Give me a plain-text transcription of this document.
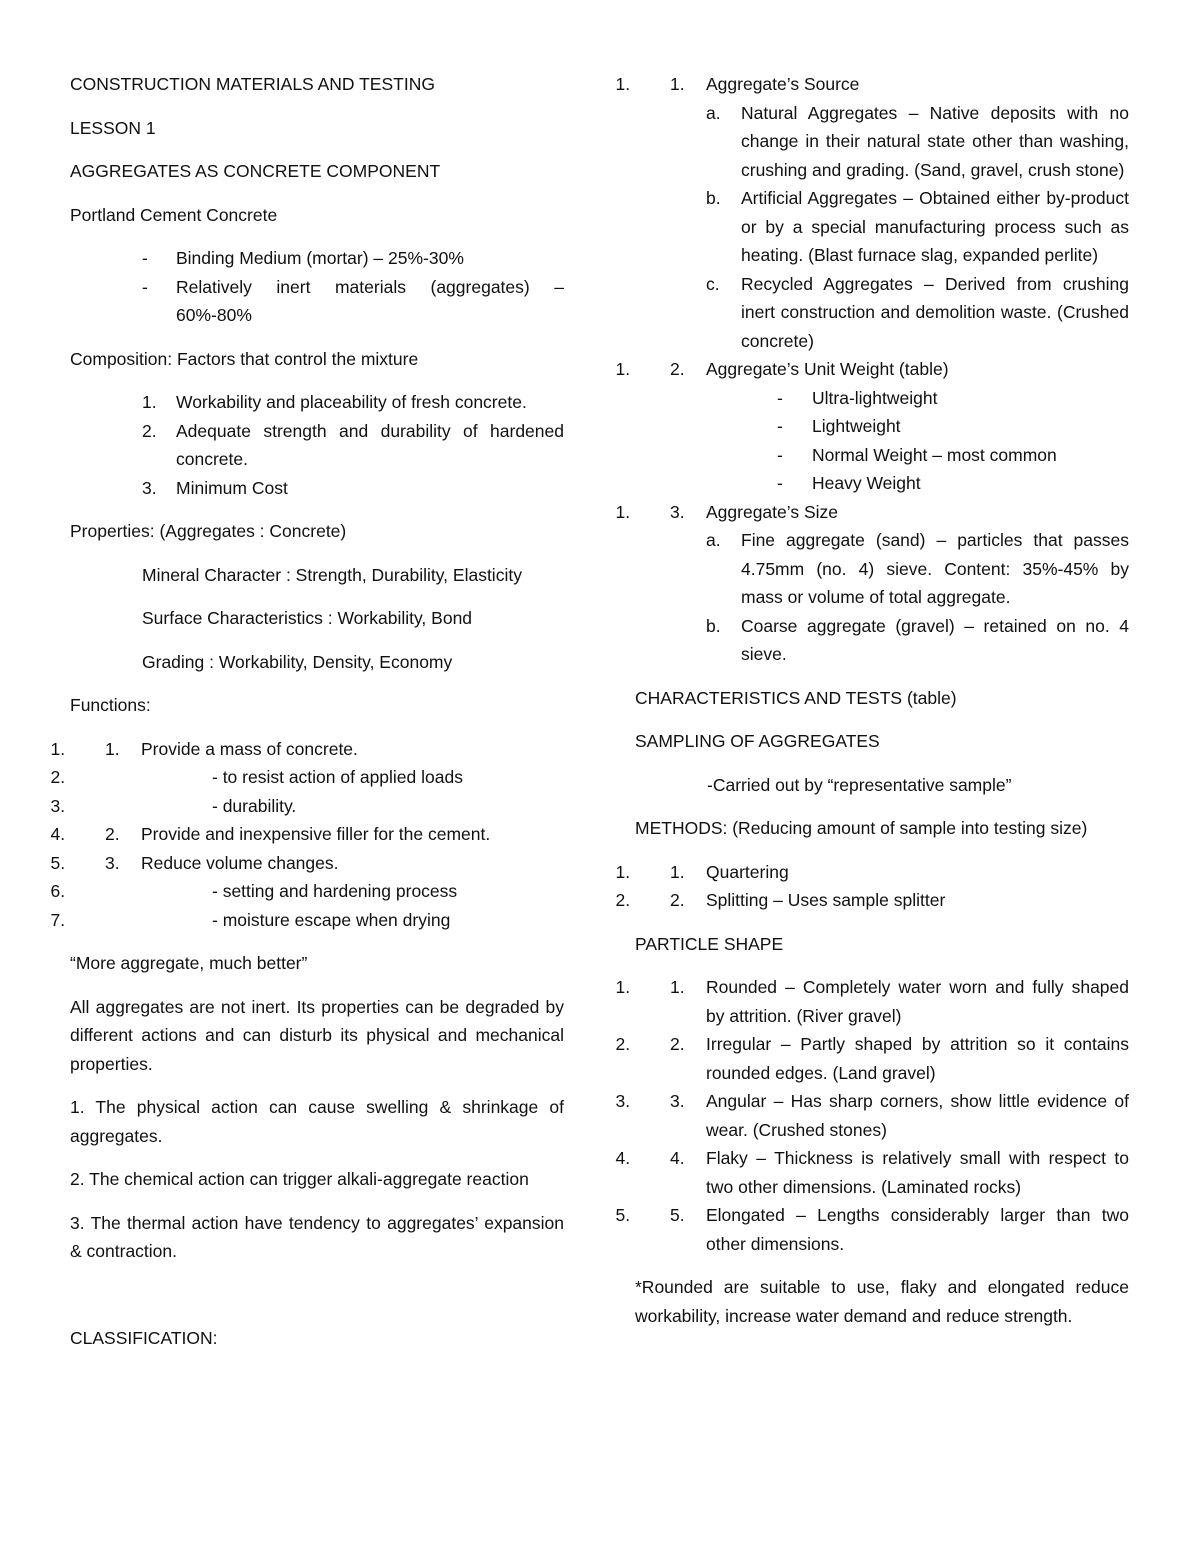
CONSTRUCTION MATERIALS AND TESTING

LESSON 1

AGGREGATES AS CONCRETE COMPONENT

Portland Cement Concrete

- Binding Medium (mortar) – 25%-30%
- Relatively inert materials (aggregates) – 60%-80%

Composition: Factors that control the mixture

1. Workability and placeability of fresh concrete.
2. Adequate strength and durability of hardened concrete.
3. Minimum Cost

Properties: (Aggregates : Concrete)

Mineral Character : Strength, Durability, Elasticity

Surface Characteristics : Workability, Bond

Grading : Workability, Density, Economy

Functions:

1. 1. Provide a mass of concrete.
2. - to resist action of applied loads
3. - durability.
4. 2. Provide and inexpensive filler for the cement.
5. 3. Reduce volume changes.
6. - setting and hardening process
7. - moisture escape when drying

“More aggregate, much better”

All aggregates are not inert. Its properties can be degraded by different actions and can disturb its physical and mechanical properties.

1. The physical action can cause swelling & shrinkage of aggregates.

2. The chemical action can trigger alkali-aggregate reaction

3. The thermal action have tendency to aggregates’ expansion & contraction.

CLASSIFICATION:

1. 1. Aggregate’s Source
a. Natural Aggregates – Native deposits with no change in their natural state other than washing, crushing and grading. (Sand, gravel, crush stone)
b. Artificial Aggregates – Obtained either by-product or by a special manufacturing process such as heating. (Blast furnace slag, expanded perlite)
c. Recycled Aggregates – Derived from crushing inert construction and demolition waste. (Crushed concrete)
1. 2. Aggregate’s Unit Weight (table)
- Ultra-lightweight
- Lightweight
- Normal Weight – most common
- Heavy Weight
1. 3. Aggregate’s Size
a. Fine aggregate (sand) – particles that passes 4.75mm (no. 4) sieve. Content: 35%-45% by mass or volume of total aggregate.
b. Coarse aggregate (gravel) – retained on no. 4 sieve.

CHARACTERISTICS AND TESTS (table)

SAMPLING OF AGGREGATES

-Carried out by “representative sample”

METHODS: (Reducing amount of sample into testing size)

1. 1. Quartering
2. 2. Splitting – Uses sample splitter

PARTICLE SHAPE

1. 1. Rounded – Completely water worn and fully shaped by attrition. (River gravel)
2. 2. Irregular – Partly shaped by attrition so it contains rounded edges. (Land gravel)
3. 3. Angular – Has sharp corners, show little evidence of wear. (Crushed stones)
4. 4. Flaky – Thickness is relatively small with respect to two other dimensions. (Laminated rocks)
5. 5. Elongated – Lengths considerably larger than two other dimensions.

*Rounded are suitable to use, flaky and elongated reduce workability, increase water demand and reduce strength.
